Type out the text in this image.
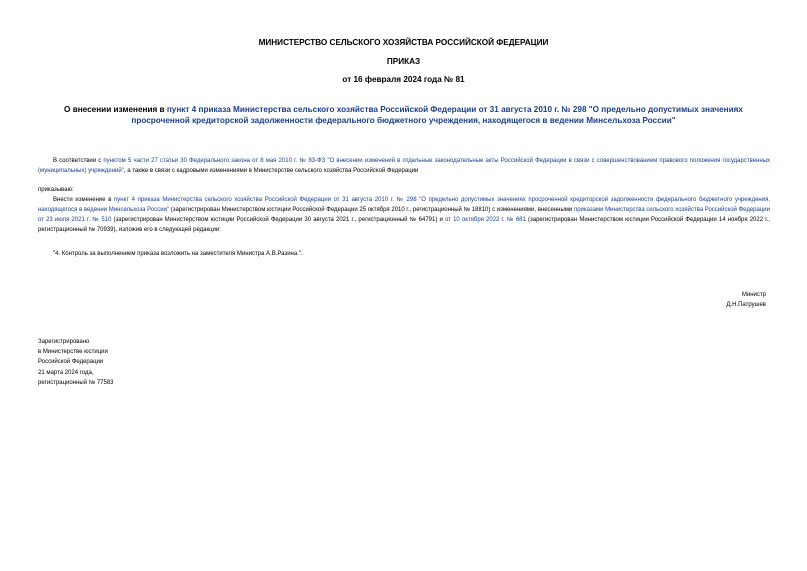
МИНИСТЕРСТВО СЕЛЬСКОГО ХОЗЯЙСТВА РОССИЙСКОЙ ФЕДЕРАЦИИ
ПРИКАЗ
от 16 февраля 2024 года № 81
О внесении изменения в пункт 4 приказа Министерства сельского хозяйства Российской Федерации от 31 августа 2010 г. № 298 "О предельно допустимых значениях просроченной кредиторской задолженности федерального бюджетного учреждения, находящегося в ведении Минсельхоза России"
В соответствии с пунктом 5 части 27 статьи 30 Федерального закона от 8 мая 2010 г. № 83-ФЗ "О внесении изменений в отдельные законодательные акты Российской Федерации в связи с совершенствованием правового положения государственных (муниципальных) учреждений", а также в связи с кадровыми изменениями в Министерстве сельского хозяйства Российской Федерации
приказываю:
Внести изменение в пункт 4 приказа Министерства сельского хозяйства Российской Федерации от 31 августа 2010 г. № 298 "О предельно допустимых значениях просроченной кредиторской задолженности федерального бюджетного учреждения, находящегося в ведении Минсельхоза России" (зарегистрирован Министерством юстиции Российской Федерации 25 октября 2010 г., регистрационный № 18810) с изменениями, внесенными приказами Министерства сельского хозяйства Российской Федерации от 23 июля 2021 г. № 510 (зарегистрирован Министерством юстиции Российской Федерации 30 августа 2021 г., регистрационный № 64791) и от 10 октября 2022 г. № 681 (зарегистрирован Министерством юстиции Российской Федерации 14 ноября 2022 г., регистрационный № 70939), изложив его в следующей редакции:
"4. Контроль за выполнением приказа возложить на заместителя Министра А.В.Разина.".
Министр
Д.Н.Патрушев
Зарегистрировано
в Министерстве юстиции
Российской Федерации
21 марта 2024 года,
регистрационный № 77583
